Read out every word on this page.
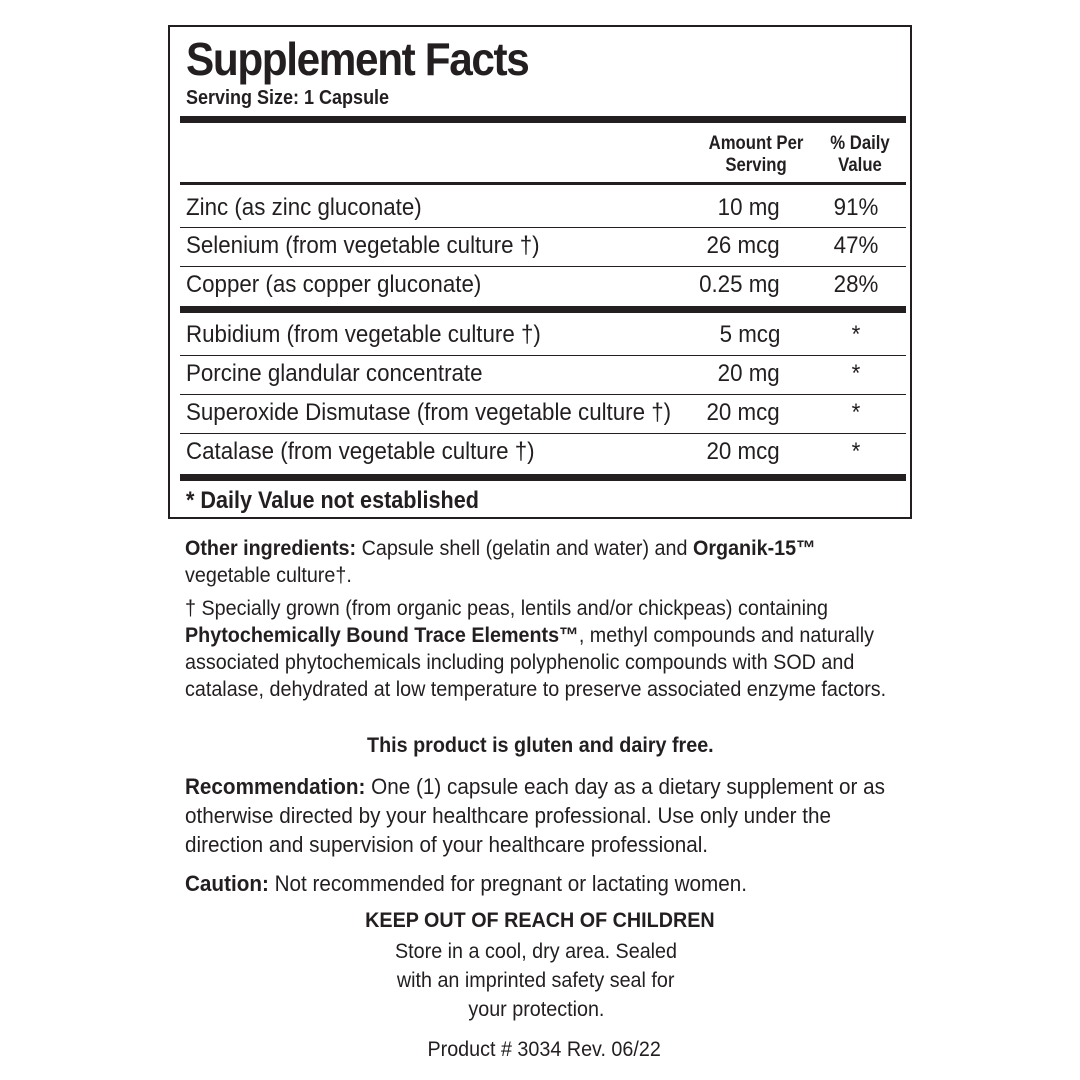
Supplement Facts
Serving Size: 1 Capsule
Amount Per
Serving
% Daily
Value
Zinc (as zinc gluconate)	10 mg 91%
Selenium (from vegetable culture †)	26 mcg 47%
Copper (as copper gluconate)	0.25 mg 28%
Rubidium (from vegetable culture †)	5 mcg	*
Porcine glandular concentrate	20 mg	*
Superoxide Dismutase (from vegetable culture †) 20 mcg	*
Catalase (from vegetable culture †)	20 mcg	*
* Daily Value not established
Other ingredients: Capsule shell (gelatin and water) and Organik-15™ vegetable culture†.
† Specially grown (from organic peas, lentils and/or chickpeas) containing Phytochemically Bound Trace Elements™, methyl compounds and naturally associated phytochemicals including polyphenolic compounds with SOD and catalase, dehydrated at low temperature to preserve associated enzyme factors.
This product is gluten and dairy free.
Recommendation: One (1) capsule each day as a dietary supplement or as otherwise directed by your healthcare professional. Use only under the direction and supervision of your healthcare professional.
Caution: Not recommended for pregnant or lactating women.
KEEP OUT OF REACH OF CHILDREN
Store in a cool, dry area. Sealed
with an imprinted safety seal for
your protection.
Product # 3034 Rev. 06/22
